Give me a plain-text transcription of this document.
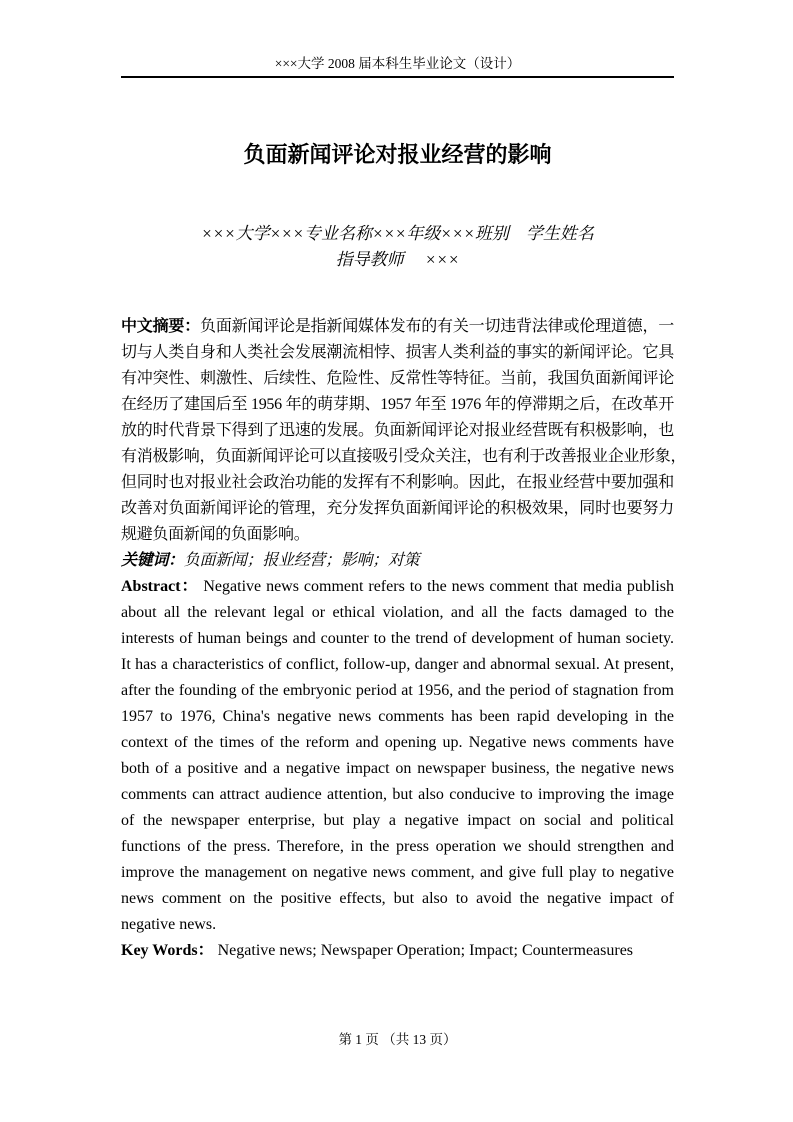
×××大学 2008 届本科生毕业论文（设计）
负面新闻评论对报业经营的影响
×××大学×××专业名称×××年级×××班别　学生姓名
指导教师　 ×××
中文摘要：负面新闻评论是指新闻媒体发布的有关一切违背法律或伦理道德，一
切与人类自身和人类社会发展潮流相悖、损害人类利益的事实的新闻评论。它具
有冲突性、刺激性、后续性、危险性、反常性等特征。当前，我国负面新闻评论
在经历了建国后至 1956 年的萌芽期、1957 年至 1976 年的停滞期之后，在改革开
放的时代背景下得到了迅速的发展。负面新闻评论对报业经营既有积极影响，也
有消极影响，负面新闻评论可以直接吸引受众关注，也有利于改善报业企业形象，
但同时也对报业社会政治功能的发挥有不利影响。因此，在报业经营中要加强和
改善对负面新闻评论的管理，充分发挥负面新闻评论的积极效果，同时也要努力
规避负面新闻的负面影响。
关键词：负面新闻；报业经营；影响；对策
Abstract： Negative news comment refers to the news comment that media publish
about all the relevant legal or ethical violation, and all the facts damaged to the
interests of human beings and counter to the trend of development of human society.
It has a characteristics of conflict, follow-up, danger and abnormal sexual. At present,
after the founding of the embryonic period at 1956, and the period of stagnation from
1957 to 1976, China's negative news comments has been rapid developing in the
context of the times of the reform and opening up. Negative news comments have
both of a positive and a negative impact on newspaper business, the negative news
comments can attract audience attention, but also conducive to improving the image
of the newspaper enterprise, but play a negative impact on social and political
functions of the press. Therefore, in the press operation we should strengthen and
improve the management on negative news comment, and give full play to negative
news comment on the positive effects, but also to avoid the negative impact of
negative news.
Key Words： Negative news; Newspaper Operation; Impact; Countermeasures
第 1 页 （共 13 页）
